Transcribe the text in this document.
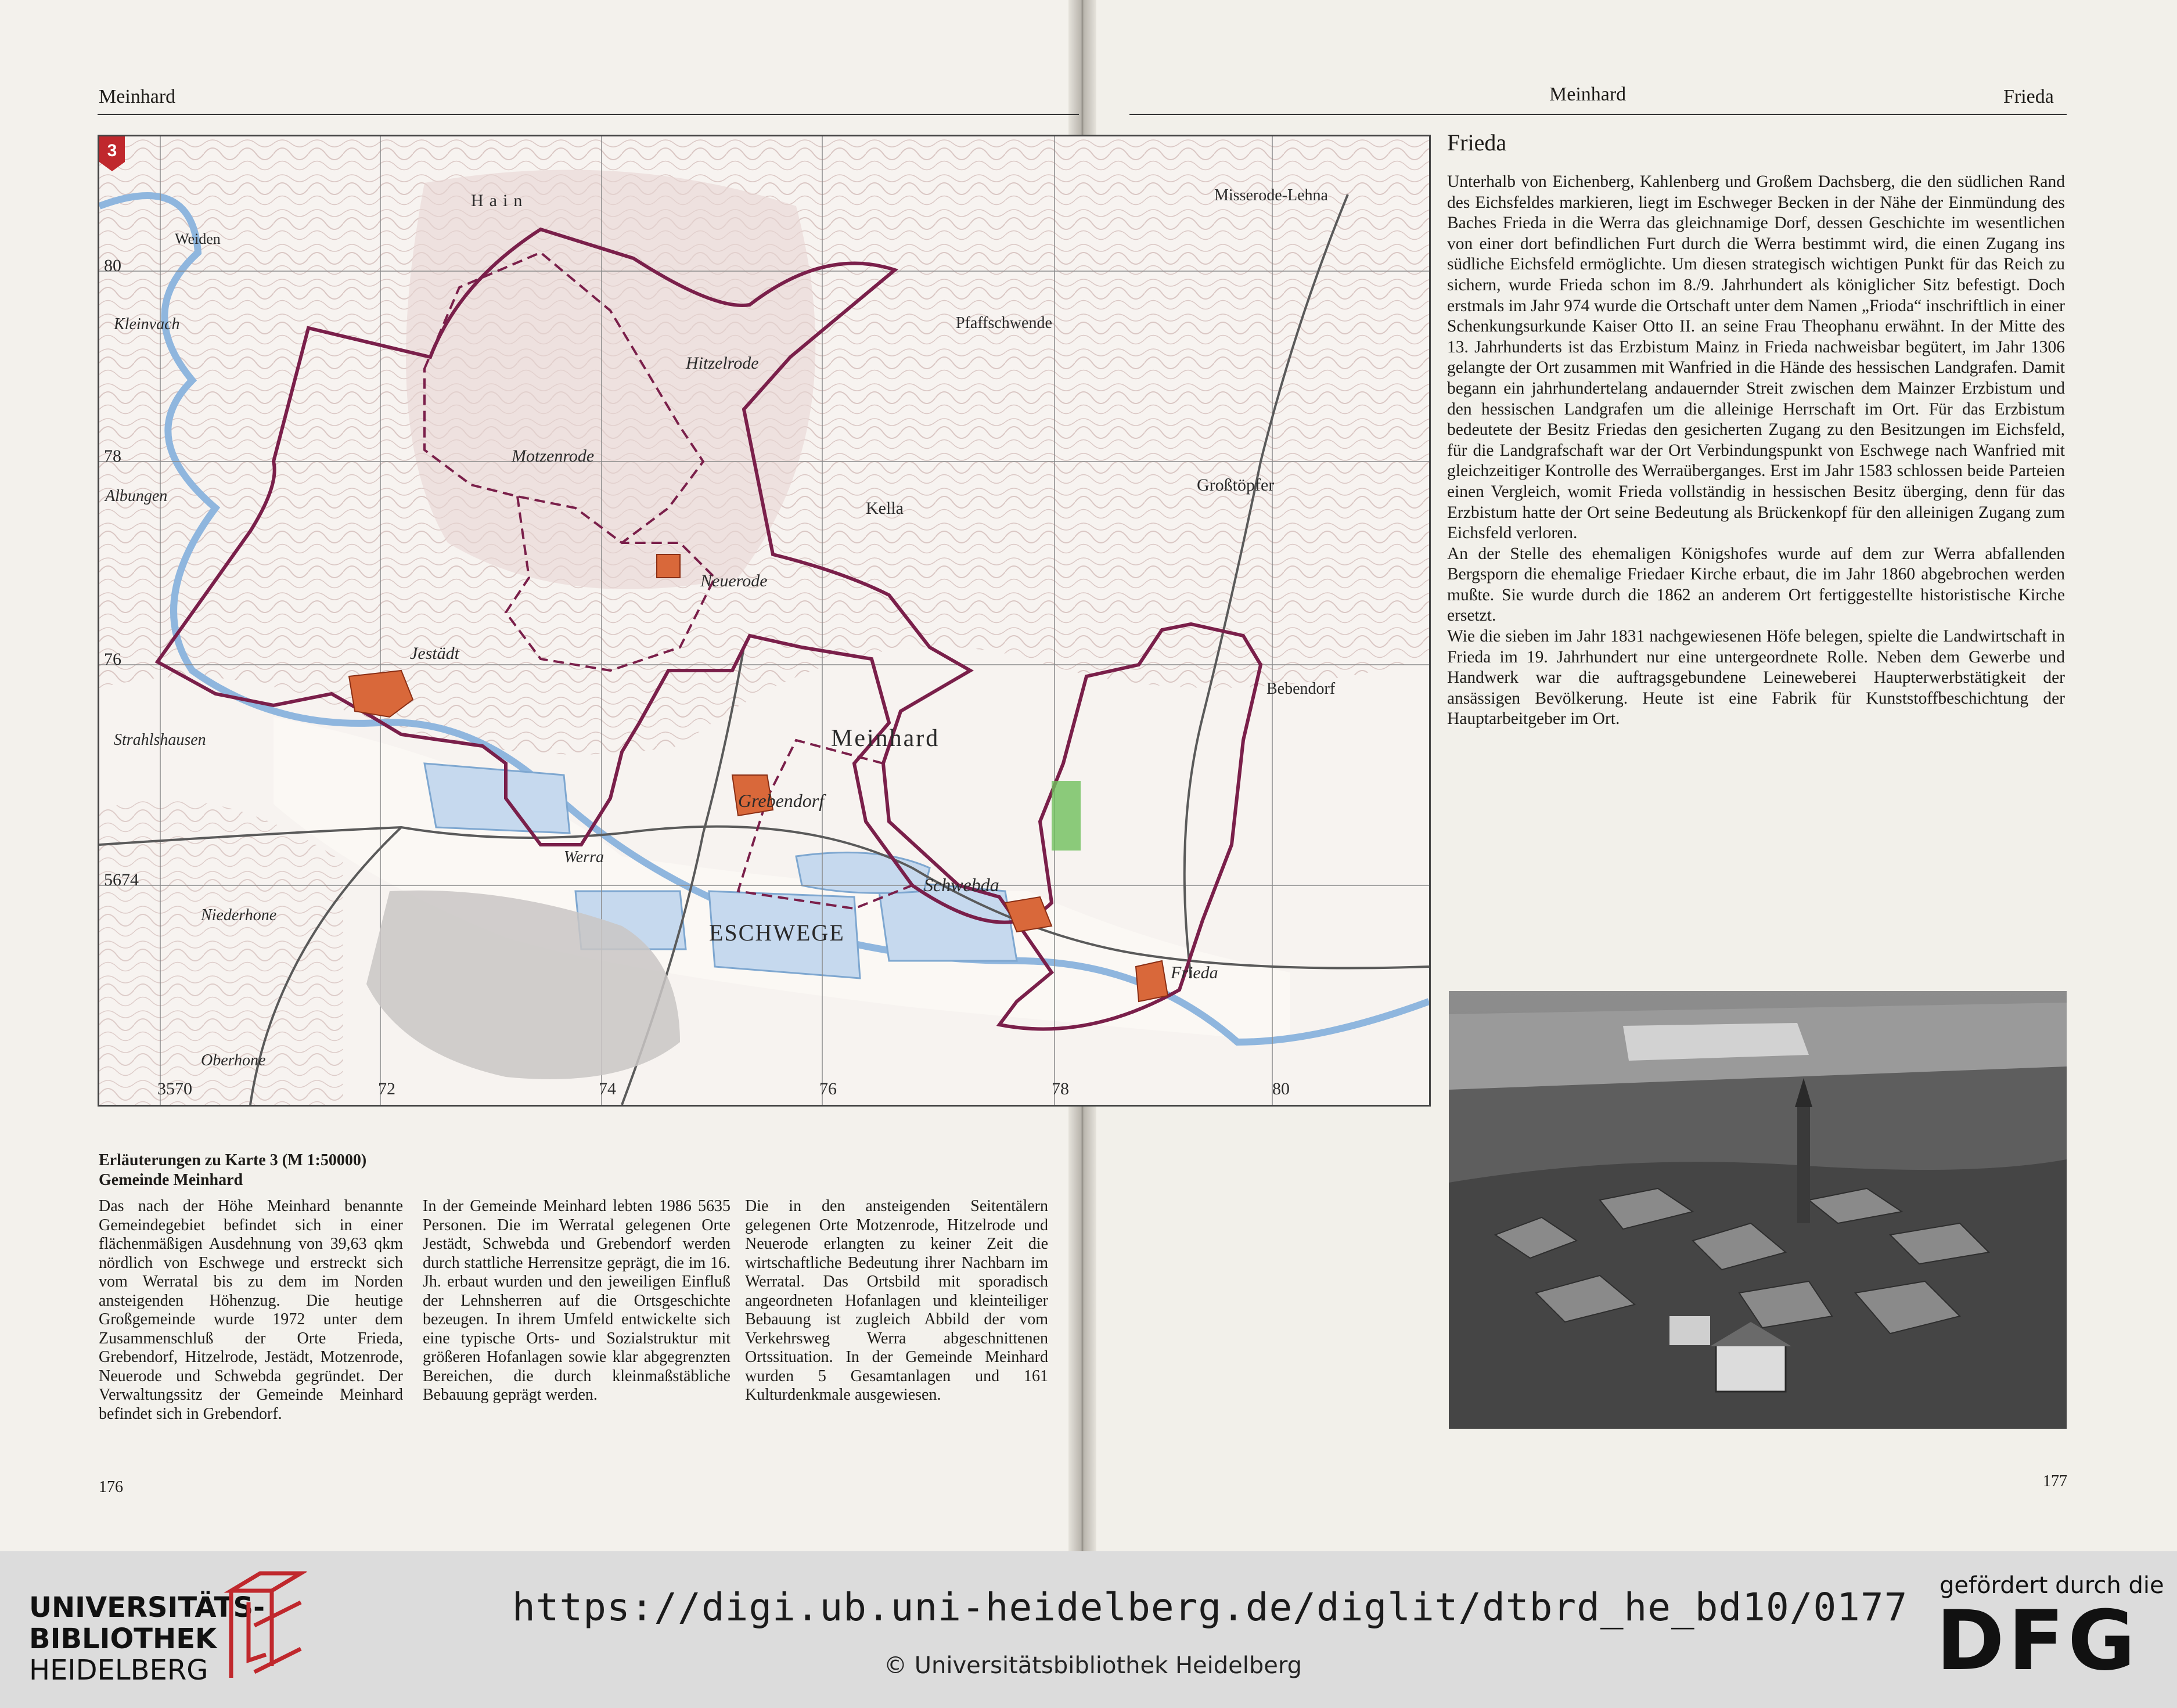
Meinhard	Meinhard	Frieda
3
80
78
76
5674
3570	72	74	76	78	80
Meinhard
ESCHWEGE
Grebendorf
Schwebda
Frieda
Jestädt
Neuerode
Motzenrode
Hitzelrode
Kella
Pfaffschwende
Großtöpfer
Bebendorf
Misserode-Lehna
Albungen
Kleinvach
Strahlshausen
Niederhone
Oberhone
Weiden
Hain
Werra
Erläuterungen zu Karte 3 (M 1:50000)
Gemeinde Meinhard
Das nach der Höhe Meinhard benannte Gemeindegebiet befindet sich in einer flächenmäßigen Ausdehnung von 39,63 qkm nördlich von Eschwege und erstreckt sich vom Werratal bis zu dem im Norden ansteigenden Höhenzug. Die heutige Großgemeinde wurde 1972 unter dem Zusammenschluß der Orte Frieda, Grebendorf, Hitzelrode, Jestädt, Motzenrode, Neuerode und Schwebda gegründet. Der Verwaltungssitz der Gemeinde Meinhard befindet sich in Grebendorf.
In der Gemeinde Meinhard lebten 1986 5635 Personen. Die im Werratal gelegenen Orte Jestädt, Schwebda und Grebendorf werden durch stattliche Herrensitze geprägt, die im 16. Jh. erbaut wurden und den jeweiligen Einfluß der Lehnsherren auf die Ortsgeschichte bezeugen. In ihrem Umfeld entwickelte sich eine typische Orts- und Sozialstruktur mit größeren Hofanlagen sowie klar abgegrenzten Bereichen, die durch kleinmaßstäbliche Bebauung geprägt werden.
Die in den ansteigenden Seitentälern gelegenen Orte Motzenrode, Hitzelrode und Neuerode erlangten zu keiner Zeit die wirtschaftliche Bedeutung ihrer Nachbarn im Werratal. Das Ortsbild mit sporadisch angeordneten Hofanlagen und kleinteiliger Bebauung ist zugleich Abbild der vom Verkehrsweg Werra abgeschnittenen Ortssituation. In der Gemeinde Meinhard wurden 5 Gesamtanlagen und 161 Kulturdenkmale ausgewiesen.
176	177
Frieda

Unterhalb von Eichenberg, Kahlenberg und Großem Dachsberg, die den südlichen Rand des Eichsfeldes markieren, liegt im Eschweger Becken in der Nähe der Einmündung des Baches Frieda in die Werra das gleichnamige Dorf, dessen Geschichte im wesentlichen von einer dort befindlichen Furt durch die Werra bestimmt wird, die einen Zugang ins südliche Eichsfeld ermöglichte. Um diesen strategisch wichtigen Punkt für das Reich zu sichern, wurde Frieda schon im 8./9. Jahrhundert als königlicher Sitz befestigt. Doch erstmals im Jahr 974 wurde die Ortschaft unter dem Namen „Frioda“ inschriftlich in einer Schenkungsurkunde Kaiser Otto II. an seine Frau Theophanu erwähnt. In der Mitte des 13. Jahrhunderts ist das Erzbistum Mainz in Frieda nachweisbar begütert, im Jahr 1306 gelangte der Ort zusammen mit Wanfried in die Hände des hessischen Landgrafen. Damit begann ein jahrhundertelang andauernder Streit zwischen dem Mainzer Erzbistum und den hessischen Landgrafen um die alleinige Herrschaft im Ort. Für das Erzbistum bedeutete der Besitz Friedas den gesicherten Zugang zu den Besitzungen im Eichsfeld, für die Landgrafschaft war der Ort Verbindungspunkt von Eschwege nach Wanfried mit gleichzeitiger Kontrolle des Werraüberganges. Erst im Jahr 1583 schlossen beide Parteien einen Vergleich, womit Frieda vollständig in hessischen Besitz überging, denn für das Erzbistum hatte der Ort seine Bedeutung als Brückenkopf für den alleinigen Zugang zum Eichsfeld verloren.

An der Stelle des ehemaligen Königshofes wurde auf dem zur Werra abfallenden Bergsporn die ehemalige Friedaer Kirche erbaut, die im Jahr 1860 abgebrochen werden mußte. Sie wurde durch die 1862 an anderem Ort fertiggestellte historistische Kirche ersetzt.

Wie die sieben im Jahr 1831 nachgewiesenen Höfe belegen, spielte die Landwirtschaft in Frieda im 19. Jahrhundert nur eine untergeordnete Rolle. Neben dem Gewerbe und Handwerk war die auftragsgebundene Leineweberei Haupterwerbstätigkeit der ansässigen Bevölkerung. Heute ist eine Fabrik für Kunststoffbeschichtung der Hauptarbeitgeber im Ort.

UNIVERSITÄTS-
BIBLIOTHEK
HEIDELBERG
https://digi.ub.uni-heidelberg.de/diglit/dtbrd_he_bd10/0177
© Universitätsbibliothek Heidelberg
gefördert durch die
DFG
